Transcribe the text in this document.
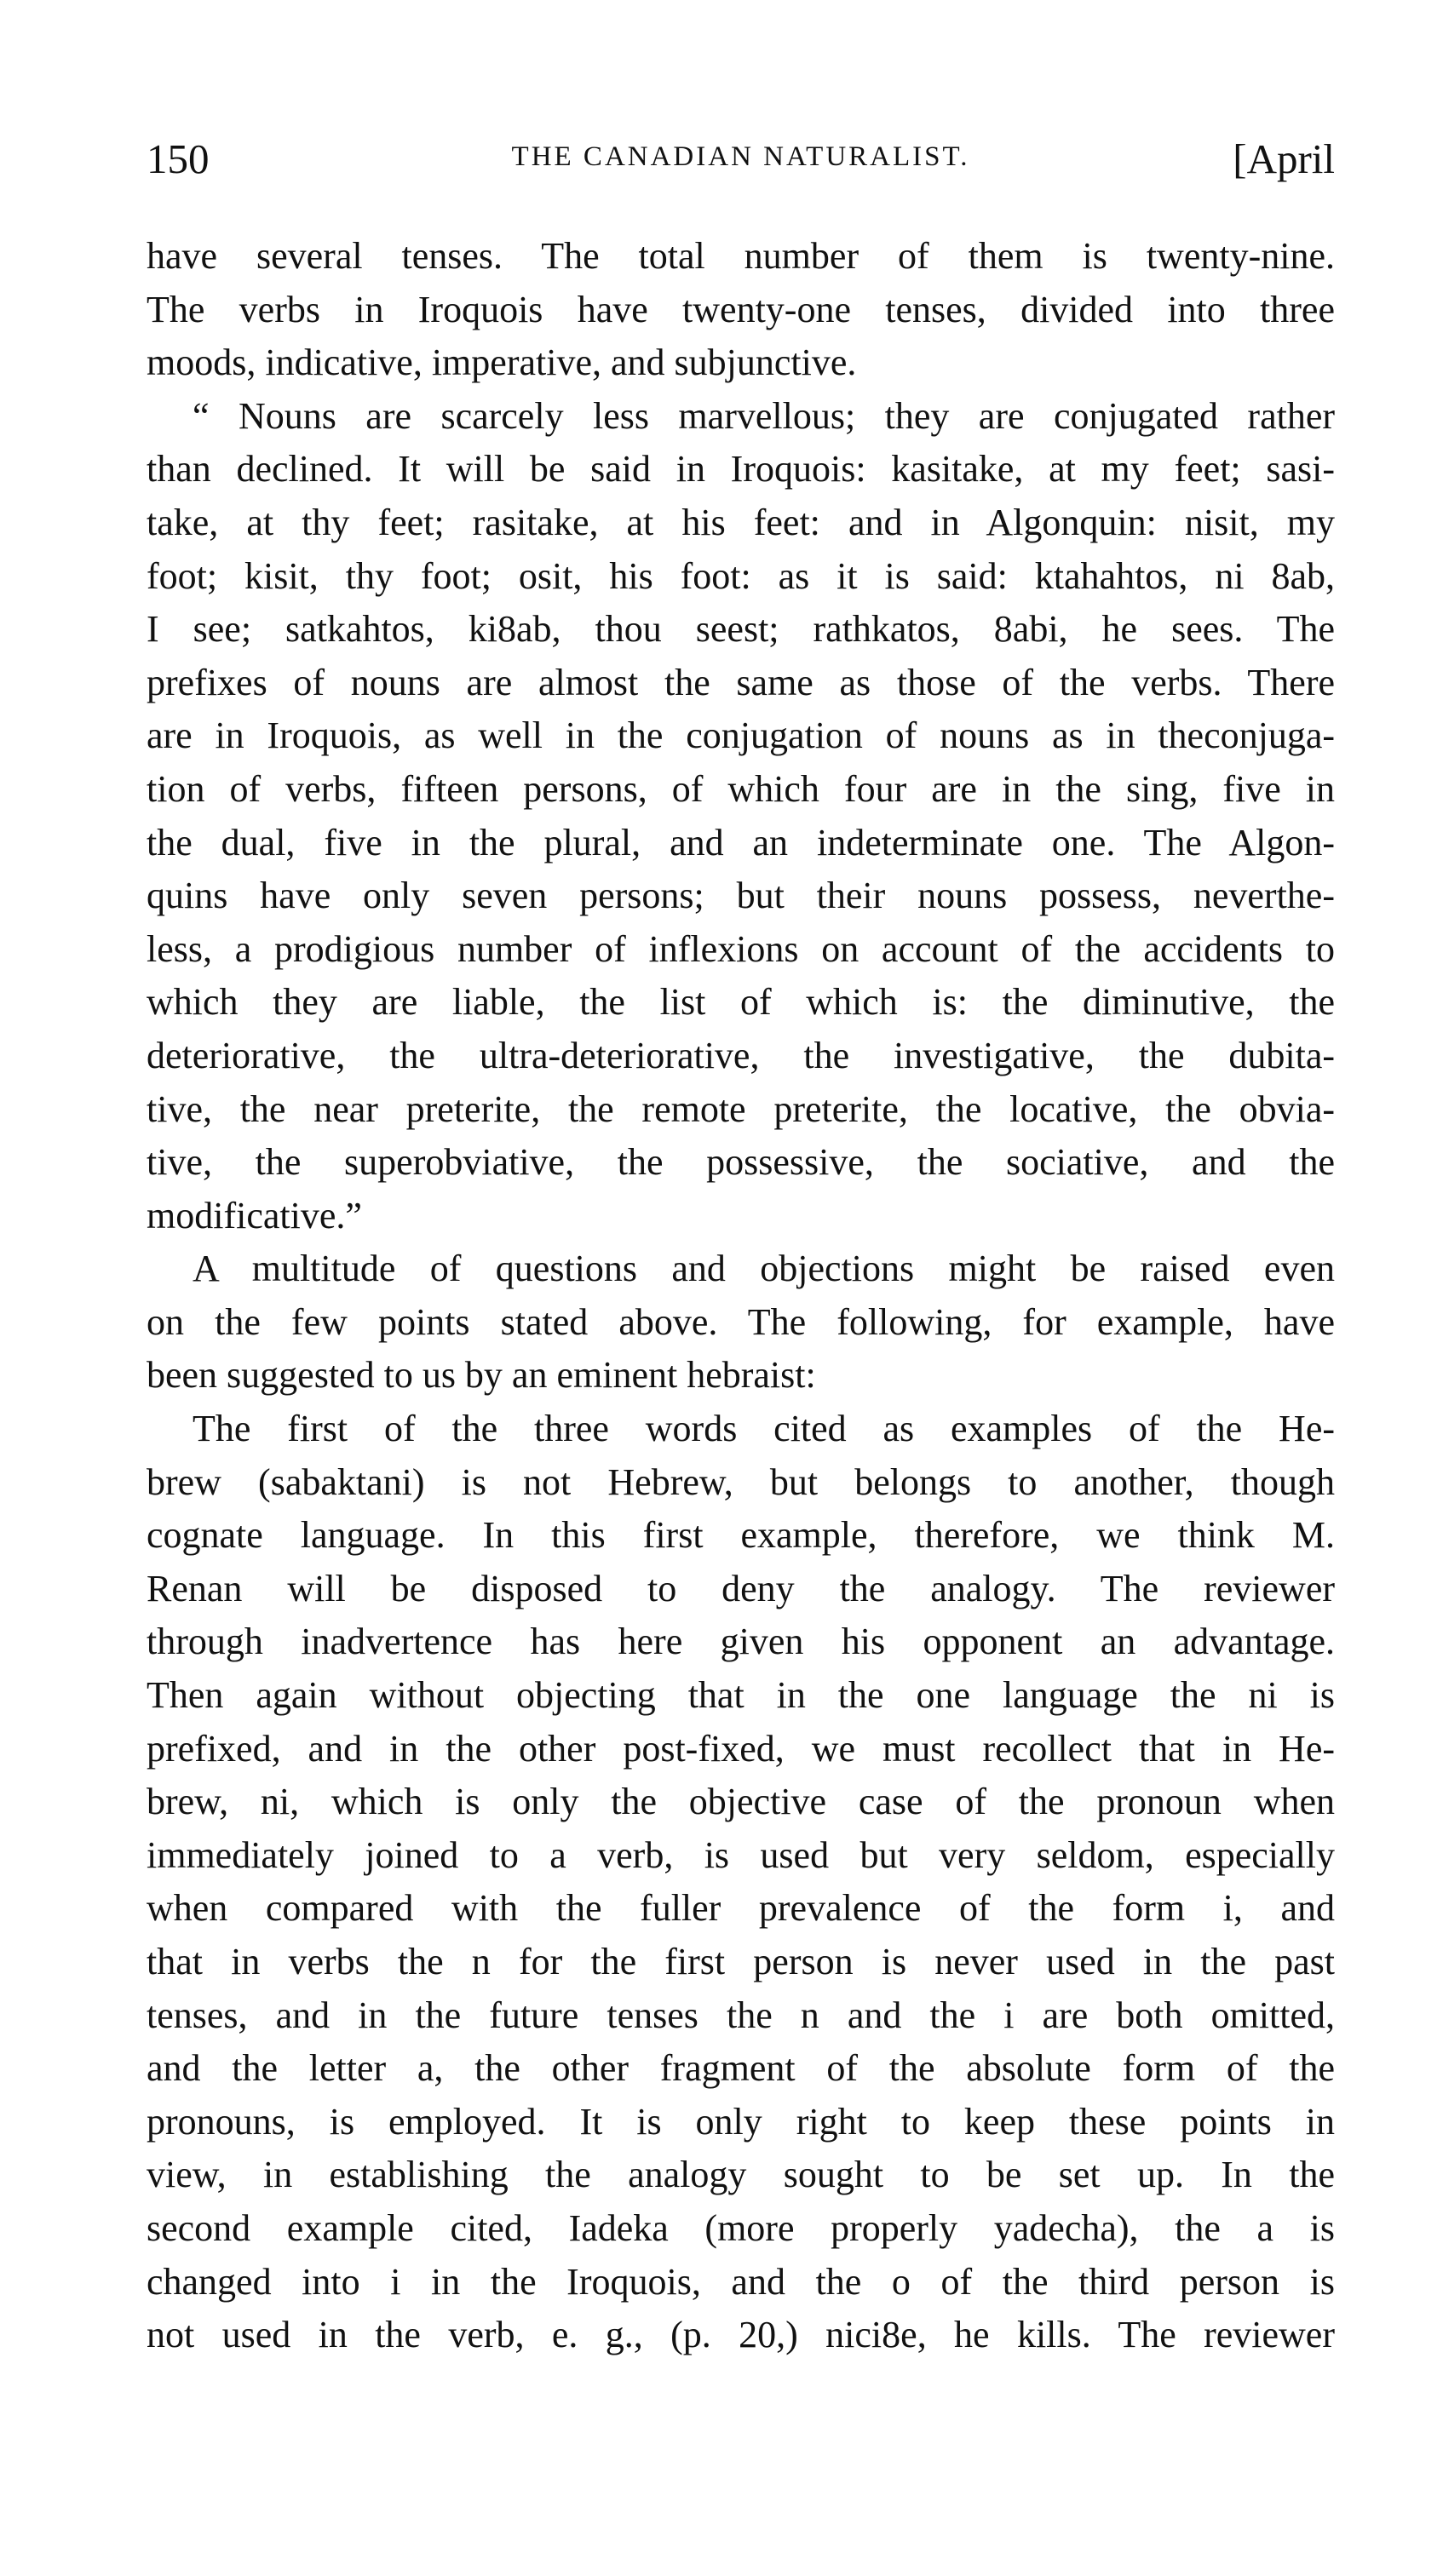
150	THE CANADIAN NATURALIST.	[April
have several tenses. The total number of them is twenty-nine.
The verbs in Iroquois have twenty-one tenses, divided into three
moods, indicative, imperative, and subjunctive.
“ Nouns are scarcely less marvellous; they are conjugated rather
than declined. It will be said in Iroquois: kasitake, at my feet; sasi-
take, at thy feet; rasitake, at his feet: and in Algonquin: nisit, my
foot; kisit, thy foot; osit, his foot: as it is said: ktahahtos, ni 8ab,
I see; satkahtos, ki8ab, thou seest; rathkatos, 8abi, he sees. The
prefixes of nouns are almost the same as those of the verbs. There
are in Iroquois, as well in the conjugation of nouns as in theconjuga-
tion of verbs, fifteen persons, of which four are in the sing, five in
the dual, five in the plural, and an indeterminate one. The Algon-
quins have only seven persons; but their nouns possess, neverthe-
less, a prodigious number of inflexions on account of the accidents to
which they are liable, the list of which is: the diminutive, the
deteriorative, the ultra-deteriorative, the investigative, the dubita-
tive, the near preterite, the remote preterite, the locative, the obvia-
tive, the superobviative, the possessive, the sociative, and the
modificative.”
A multitude of questions and objections might be raised even
on the few points stated above. The following, for example, have
been suggested to us by an eminent hebraist:
The first of the three words cited as examples of the He-
brew (sabaktani) is not Hebrew, but belongs to another, though
cognate language. In this first example, therefore, we think M.
Renan will be disposed to deny the analogy. The reviewer
through inadvertence has here given his opponent an advantage.
Then again without objecting that in the one language the ni is
prefixed, and in the other post-fixed, we must recollect that in He-
brew, ni, which is only the objective case of the pronoun when
immediately joined to a verb, is used but very seldom, especially
when compared with the fuller prevalence of the form i, and
that in verbs the n for the first person is never used in the past
tenses, and in the future tenses the n and the i are both omitted,
and the letter a, the other fragment of the absolute form of the
pronouns, is employed. It is only right to keep these points in
view, in establishing the analogy sought to be set up. In the
second example cited, Iadeka (more properly yadecha), the a is
changed into i in the Iroquois, and the o of the third person is
not used in the verb, e. g., (p. 20,) nici8e, he kills. The reviewer
